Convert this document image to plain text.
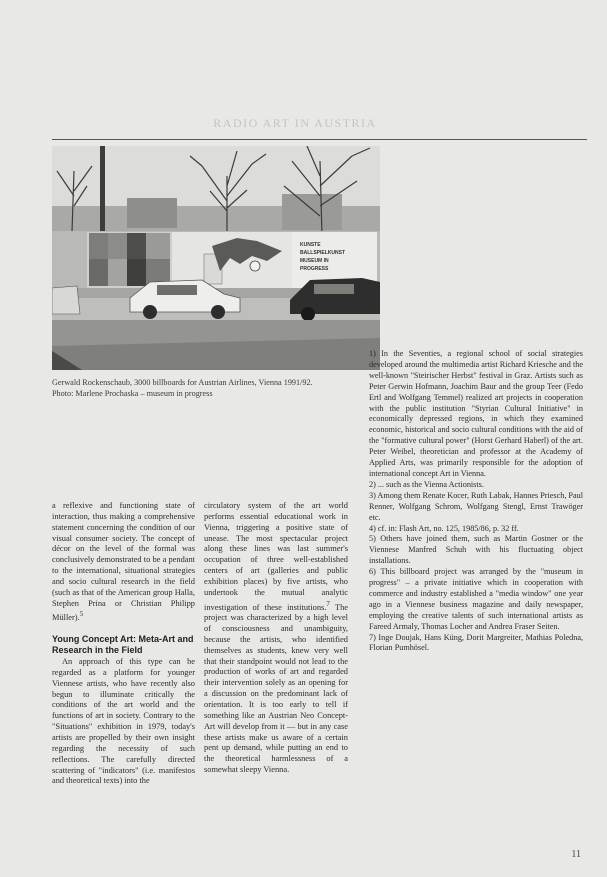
RADIO ART IN AUSTRIA
KUNSTE
BALLSPIELKUNST
MUSEUM IN
PROGRESS
Gerwald Rockenschaub, 3000 billboards for Austrian Airlines, Vienna 1991/92.
Photo: Marlene Prochaska – museum in progress

a reflexive and functioning state of interaction, thus making a comprehensive statement concerning the condition of our visual consumer society. The concept of décor on the level of the formal was conclusively demonstrated to be a pendant to the international, situational strategies and socio cultural research in the field (such as that of the American group Halla, Stephen Prina or Christian Philipp Müller).$^5$

Young Concept Art: Meta-Art and Research in the Field

An approach of this type can be regarded as a platform for younger Viennese artists, who have recently also begun to illuminate critically the conditions of the art world and the functions of art in society. Contrary to the "Situations" exhibition in 1979, today's artists are propelled by their own insight regarding the necessity of such reflections. The carefully directed scattering of "indicators" (i.e. manifestos and theoretical texts) into the

circulatory system of the art world performs essential educational work in Vienna, triggering a positive state of unease. The most spectacular project along these lines was last summer's occupation of three well-established centers of art (galleries and public exhibition places) by five artists, who undertook the mutual analytic investigation of these institutions.$^7$ The project was characterized by a high level of consciousness and unambiguity, because the artists, who identified themselves as students, knew very well that their standpoint would not lead to the production of works of art and regarded their intervention solely as an opening for a discussion on the predominant lack of orientation. It is too early to tell if something like an Austrian Neo Concept-Art will develop from it — but in any case these artists make us aware of a certain pent up demand, while putting an end to the theoretical harmlessness of a somewhat sleepy Vienna.

1) In the Seventies, a regional school of social strategies developed around the multimedia artist Richard Kriesche and the well-known "Steirischer Herbst" festival in Graz. Artists such as Peter Gerwin Hofmann, Joachim Baur and the group Teer (Fedo Ertl and Wolfgang Temmel) realized art projects in cooperation with the public institution "Styrian Cultural Initiative" in economically depressed regions, in which they examined economic, historical and socio cultural conditions with the aid of the "formative cultural power" (Horst Gerhard Haberl) of the art. Peter Weibel, theoretician and professor at the Academy of Applied Arts, was primarily responsible for the adoption of international concept Art in Vienna.

2) ... such as the Vienna Actionists.

3) Among them Renate Kocer, Ruth Labak, Hannes Priesch, Paul Renner, Wolfgang Schrom, Wolfgang Stengl, Ernst Trawöger etc.

4) cf. in: Flash Art, no. 125, 1985/86, p. 32 ff.

5) Others have joined them, such as Martin Gostner or the Viennese Manfred Schuh with his fluctuating object installations.

6) This billboard project was arranged by the "museum in progress" – a private initiative which in cooperation with commerce and industry established a "media window" one year ago in a Viennese business magazine and daily newspaper, employing the creative talents of such international artists as Fareed Armaly, Thomas Locher and Andrea Fraser Seiten.

7) Inge Doujak, Hans Küng, Dorit Margreiter, Mathias Poledna, Florian Pumhösel.

11
